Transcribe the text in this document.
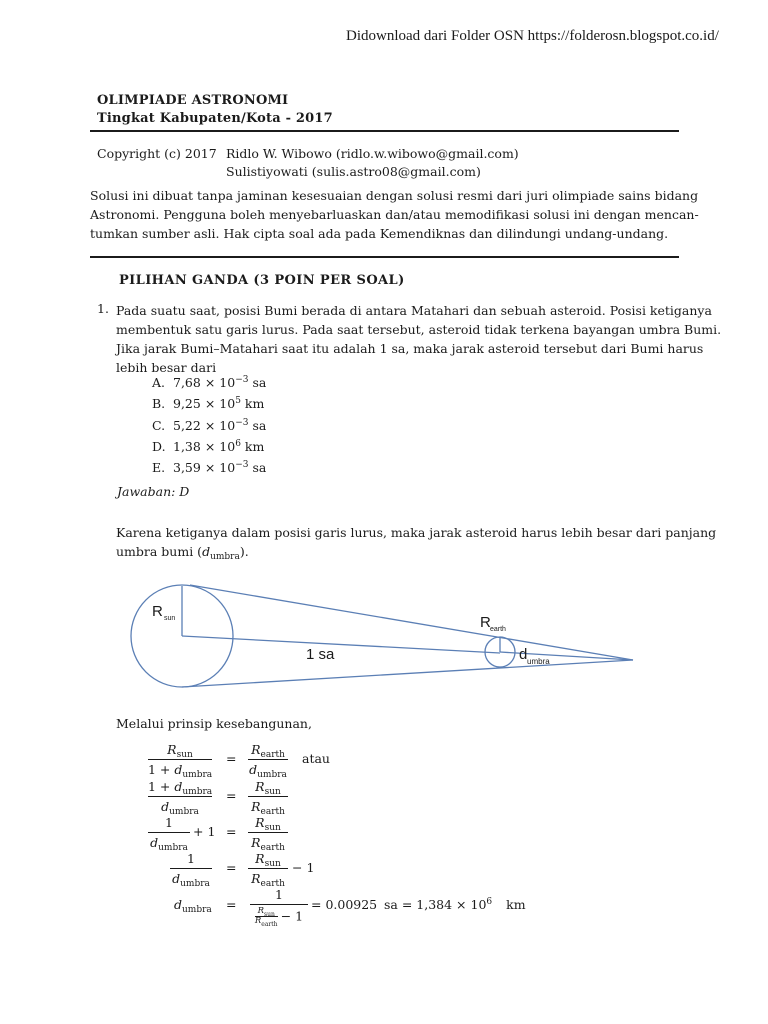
Didownload dari Folder OSN https://folderosn.blogspot.co.id/
OLIMPIADE ASTRONOMI
Tingkat Kabupaten/Kota - 2017
Copyright (c) 2017 Ridlo W. Wibowo (ridlo.w.wibowo@gmail.com)
Sulistiyowati (sulis.astro08@gmail.com)
Solusi ini dibuat tanpa jaminan kesesuaian dengan solusi resmi dari juri olimpiade sains bidang
Astronomi. Pengguna boleh menyebarluaskan dan/atau memodifikasi solusi ini dengan mencan-
tumkan sumber asli. Hak cipta soal ada pada Kemendiknas dan dilindungi undang-undang.
PILIHAN GANDA (3 POIN PER SOAL)
1. Pada suatu saat, posisi Bumi berada di antara Matahari dan sebuah asteroid. Posisi ketiganya
membentuk satu garis lurus. Pada saat tersebut, asteroid tidak terkena bayangan umbra Bumi.
Jika jarak Bumi–Matahari saat itu adalah 1 sa, maka jarak asteroid tersebut dari Bumi harus
lebih besar dari
A. $7,68 \times 10^{-3}$ sa
B. $9,25 \times 10^5$ km
C. $5,22 \times 10^{-3}$ sa
D. $1,38 \times 10^6$ km
E. $3,59 \times 10^{-3}$ sa
Jawaban: D
Karena ketiganya dalam posisi garis lurus, maka jarak asteroid harus lebih besar dari panjang
umbra bumi $(d_{umbra})$.
R sun
1 sa
R earth
d umbra
Melalui prinsip kesebangunan,
$R_{sun}$
$1 + d_{umbra}$
=
$R_{earth}$
$d_{umbra}$
atau
$1 + d_{umbra}$
$d_{umbra}$
=
$R_{sun}$
$R_{earth}$
1
$d_{umbra}$
+ 1 =
$R_{sun}$
$R_{earth}$
1
$d_{umbra}$
=
$R_{sun}$
$R_{earth}$
− 1
$d_{umbra}$ =
1
$R_{sun}$
$R_{earth}$
− 1
= 0.00925 sa = $1,384 \times 10^6$ km
